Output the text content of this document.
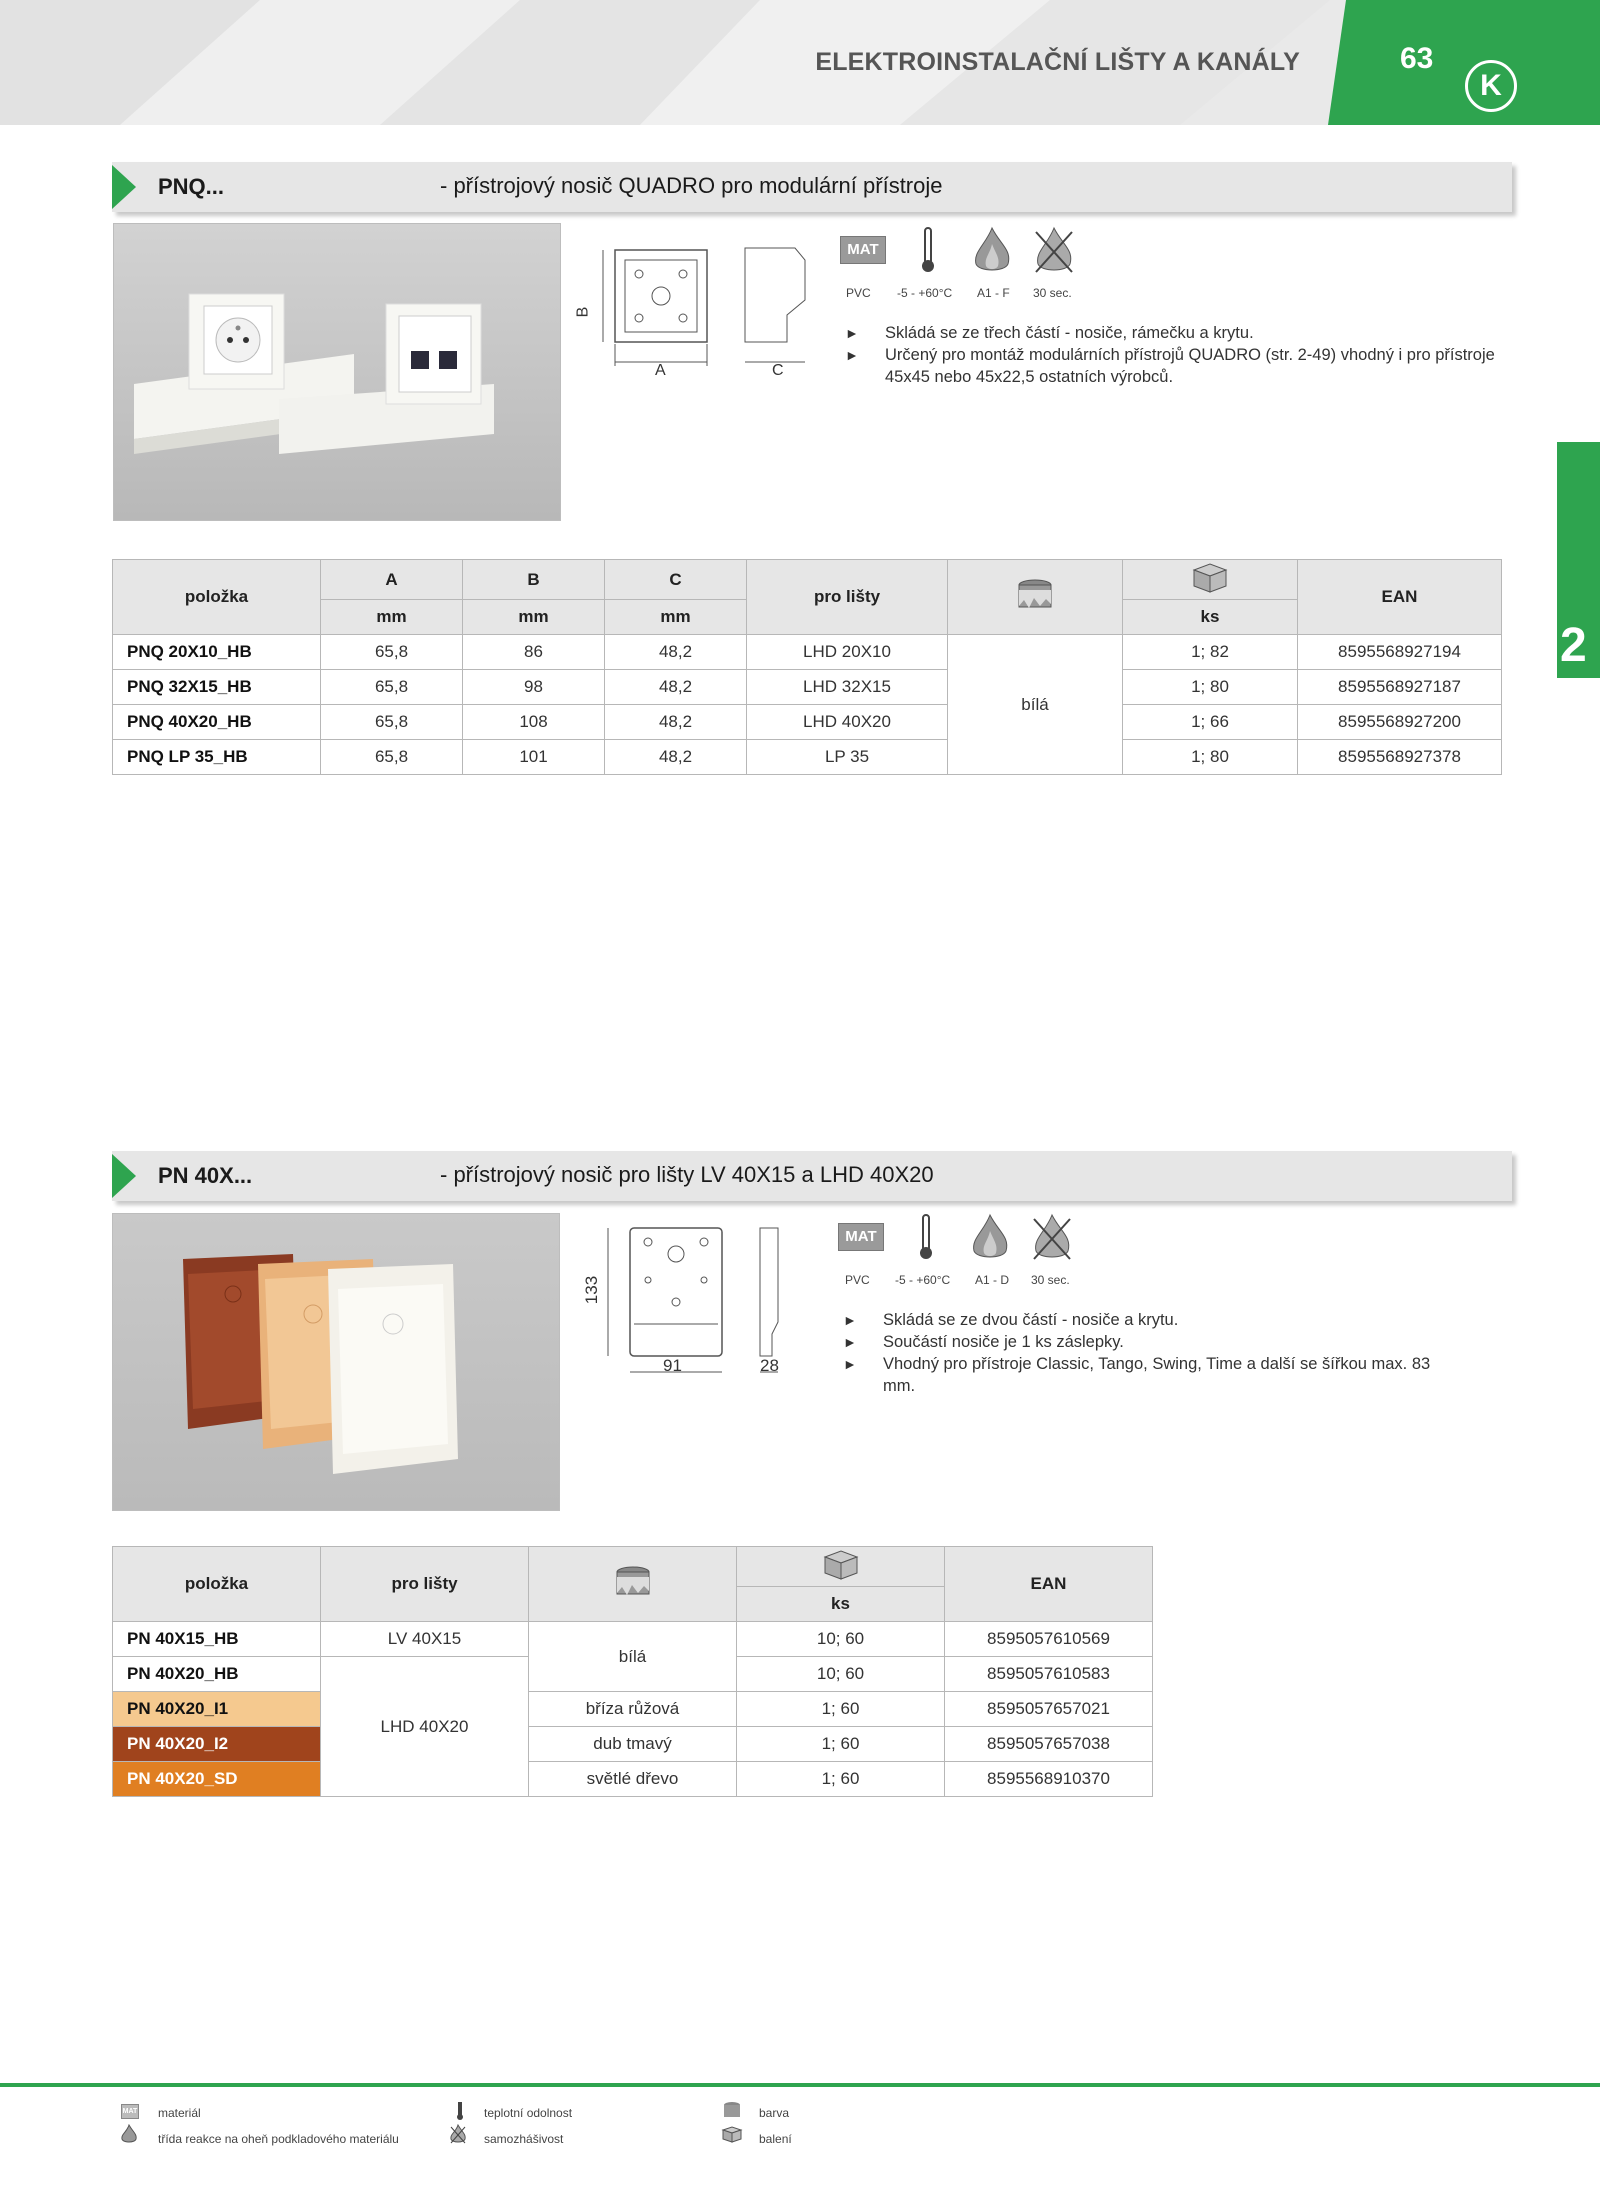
ELEKTROINSTALAČNÍ LIŠTY A KANÁLY	63
K
2
PNQ...	- přístrojový nosič QUADRO pro modulární přístroje
A
B
C
MAT
PVC -5 - +60°C A1 - F 30 sec.
► Skládá se ze třech částí - nosiče, rámečku a krytu.
► Určený pro montáž modulárních přístrojů QUADRO (str. 2-49) vhodný i pro přístroje 45x45 nebo 45x22,5 ostatních výrobců.
položka	A	B	C	pro lišty			EAN
	mm	mm	mm			ks	
PNQ 20X10_HB	65,8	86	48,2	LHD 20X10	bílá	1; 82	8595568927194
PNQ 32X15_HB	65,8	98	48,2	LHD 32X15		1; 80	8595568927187
PNQ 40X20_HB	65,8	108	48,2	LHD 40X20		1; 66	8595568927200
PNQ LP 35_HB	65,8	101	48,2	LP 35		1; 80	8595568927378
PN 40X...	- přístrojový nosič pro lišty LV 40X15 a LHD 40X20
133
91	28
MAT
PVC -5 - +60°C A1 - D 30 sec.
► Skládá se ze dvou částí - nosiče a krytu.
► Součástí nosiče je 1 ks záslepky.
► Vhodný pro přístroje Classic, Tango, Swing, Time a další se šířkou max. 83 mm.
položka	pro lišty			EAN
			ks	
PN 40X15_HB	LV 40X15	bílá	10; 60	8595057610569
PN 40X20_HB	LHD 40X20		10; 60	8595057610583
PN 40X20_I1		bříza růžová	1; 60	8595057657021
PN 40X20_I2		dub tmavý	1; 60	8595057657038
PN 40X20_SD		světlé dřevo	1; 60	8595568910370
MAT materiál	teplotní odolnost	barva
třída reakce na oheň podkladového materiálu	samozhášivost	balení
